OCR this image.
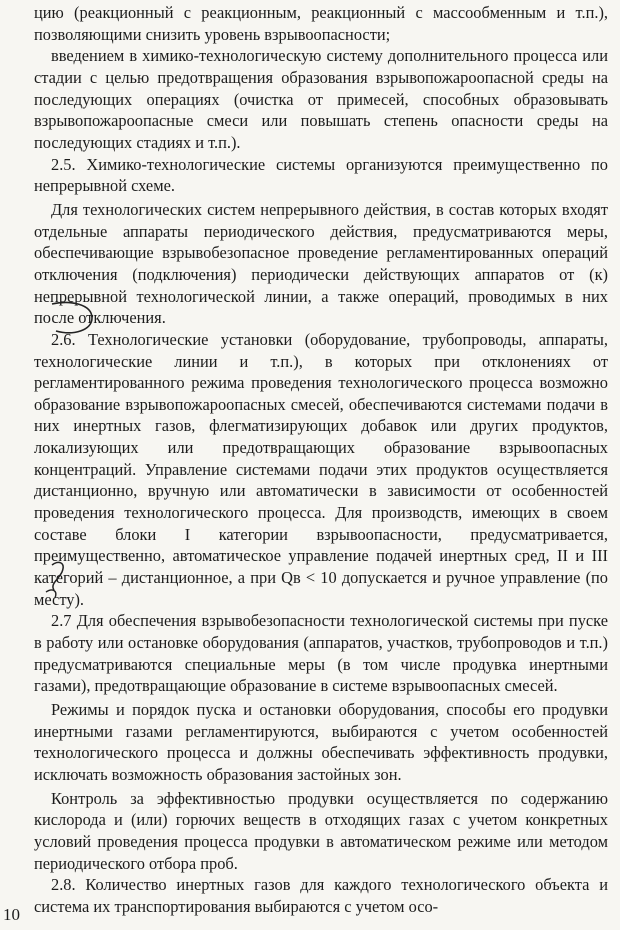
цию (реакционный с реакционным, реакционный с массообменным и т.п.), позволяющими снизить уровень взрывоопасности;

введением в химико-технологическую систему дополнительного процесса или стадии с целью предотвращения образования взрывопожароопасной среды на последующих операциях (очистка от примесей, способных образовывать взрывопожароопасные смеси или повышать степень опасности среды на последующих стадиях и т.п.).

2.5. Химико-технологические системы организуются преимущественно по непрерывной схеме.

Для технологических систем непрерывного действия, в состав которых входят отдельные аппараты периодического действия, предусматриваются меры, обеспечивающие взрывобезопасное проведение регламентированных операций отключения (подключения) периодически действующих аппаратов от (к) непрерывной технологической линии, а также операций, проводимых в них после отключения.

2.6. Технологические установки (оборудование, трубопроводы, аппараты, технологические линии и т.п.), в которых при отклонениях от регламентированного режима проведения технологического процесса возможно образование взрывопожароопасных смесей, обеспечиваются системами подачи в них инертных газов, флегматизирующих добавок или других продуктов, локализующих или предотвращающих образование взрывоопасных концентраций. Управление системами подачи этих продуктов осуществляется дистанционно, вручную или автоматически в зависимости от особенностей проведения технологического процесса. Для производств, имеющих в своем составе блоки I категории взрывоопасности, предусматривается, преимущественно, автоматическое управление подачей инертных сред, II и III категорий – дистанционное, а при Qв < 10 допускается и ручное управление (по месту).

2.7 Для обеспечения взрывобезопасности технологической системы при пуске в работу или остановке оборудования (аппаратов, участков, трубопроводов и т.п.) предусматриваются специальные меры (в том числе продувка инертными газами), предотвращающие образование в системе взрывоопасных смесей.

Режимы и порядок пуска и остановки оборудования, способы его продувки инертными газами регламентируются, выбираются с учетом особенностей технологического процесса и должны обеспечивать эффективность продувки, исключать возможность образования застойных зон.

Контроль за эффективностью продувки осуществляется по содержанию кислорода и (или) горючих веществ в отходящих газах с учетом конкретных условий проведения процесса продувки в автоматическом режиме или методом периодического отбора проб.

2.8. Количество инертных газов для каждого технологического объекта и система их транспортирования выбираются с учетом осо-

10
